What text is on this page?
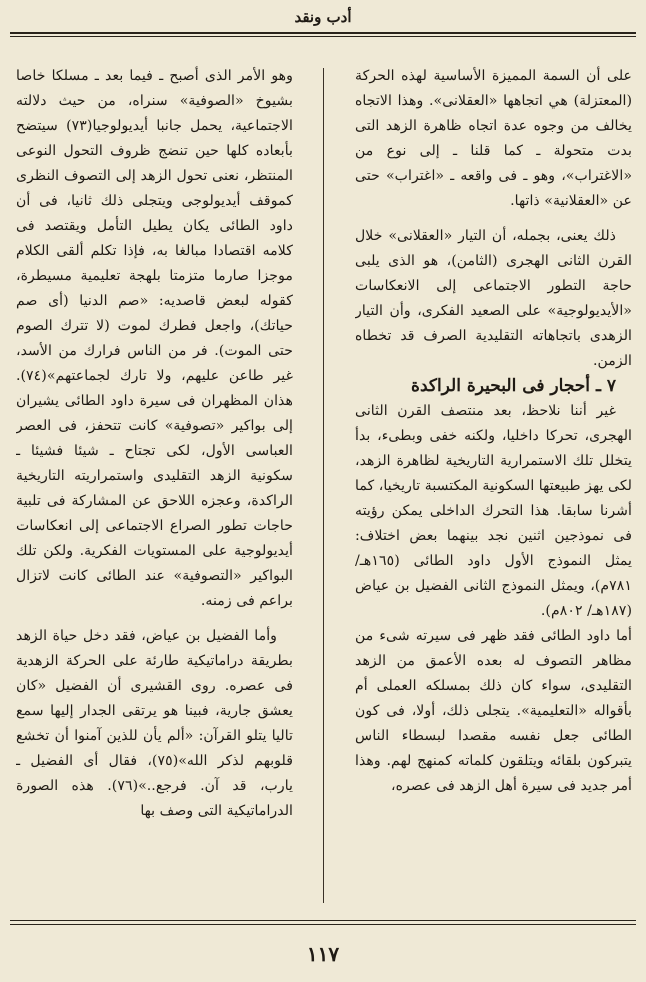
أدب ونقد

على أن السمة المميزة الأساسية لهذه الحركة (المعتزلة) هي اتجاهها «العقلانى». وهذا الاتجاه يخالف من وجوه عدة اتجاه ظاهرة الزهد التى بدت متحولة ـ كما قلنا ـ إلى نوع من «الاغتراب»، وهو ـ فى واقعه ـ «اغتراب» حتى عن «العقلانية» ذاتها.

ذلك يعنى، بجمله، أن التيار «العقلانى» خلال القرن الثانى الهجرى (الثامن)، هو الذى يلبى حاجة التطور الاجتماعى إلى الانعكاسات «الأيديولوجية» على الصعيد الفكرى، وأن التيار الزهدى باتجاهاته التقليدية الصرف قد تخطاه الزمن.

٧ ـ أحجار فى البحيرة الراكدة

غير أننا نلاحظ، بعد منتصف القرن الثانى الهجرى، تحركا داخليا، ولكنه خفى وبطىء، بدأ يتخلل تلك الاستمرارية التاريخية لظاهرة الزهد، لكى يهز طبيعتها السكونية المكتسبة تاريخيا، كما أشرنا سابقا. هذا التحرك الداخلى يمكن رؤيته فى نموذجين اثنين نجد بينهما بعض اختلاف: يمثل النموذج الأول داود الطائى (١٦٥هـ/ ٧٨١م)، ويمثل النموذج الثانى الفضيل بن عياض (١٨٧هـ/ ٨٠٢م).

أما داود الطائى فقد ظهر فى سيرته شىء من مظاهر التصوف له بعده الأعمق من الزهد التقليدى، سواء كان ذلك بمسلكه العملى أم بأقواله «التعليمية». يتجلى ذلك، أولا، فى كون الطائى جعل نفسه مقصدا لبسطاء الناس يتبركون بلقائه ويتلقون كلماته كمنهج لهم. وهذا أمر جديد فى سيرة أهل الزهد فى عصره،

وهو الأمر الذى أصبح ـ فيما بعد ـ مسلكا خاصا بشيوخ «الصوفية» سنراه، من حيث دلالته الاجتماعية، يحمل جانبا أيديولوجيا(٧٣) سيتضح بأبعاده كلها حين تنضج ظروف التحول النوعى المنتظر، نعنى تحول الزهد إلى التصوف النظرى كموقف أيديولوجى ويتجلى ذلك ثانيا، فى أن داود الطائى يكان يطيل التأمل ويقتصد فى كلامه اقتصادا مبالغا به، فإذا تكلم ألقى الكلام موجزا صارما متزمتا بلهجة تعليمية مسيطرة، كقوله لبعض قاصديه: «صم الدنيا (أى صم حياتك)، واجعل فطرك لموت (لا تترك الصوم حتى الموت). فر من الناس فرارك من الأسد، غير طاعن عليهم، ولا تارك لجماعتهم»(٧٤). هذان المظهران فى سيرة داود الطائى يشيران إلى بواكير «تصوفية» كانت تتحفز، فى العصر العباسى الأول، لكى تجتاح ـ شيئا فشيئا ـ سكونية الزهد التقليدى واستمراريته التاريخية الراكدة، وعجزه اللاحق عن المشاركة فى تلبية حاجات تطور الصراع الاجتماعى إلى انعكاسات أيديولوجية على المستويات الفكرية. ولكن تلك البواكير «التصوفية» عند الطائى كانت لاتزال براعم فى زمنه.

وأما الفضيل بن عياض، فقد دخل حياة الزهد بطريقة دراماتيكية طارئة على الحركة الزهدية فى عصره. روى القشيرى أن الفضيل «كان يعشق جارية، فبينا هو يرتقى الجدار إليها سمع تاليا يتلو القرآن: «ألم يأن للذين آمنوا أن تخشع قلوبهم لذكر الله»(٧٥)، فقال أى الفضيل ـ يارب، قد آن. فرجع..»(٧٦). هذه الصورة الدراماتيكية التى وصف بها

١١٧
